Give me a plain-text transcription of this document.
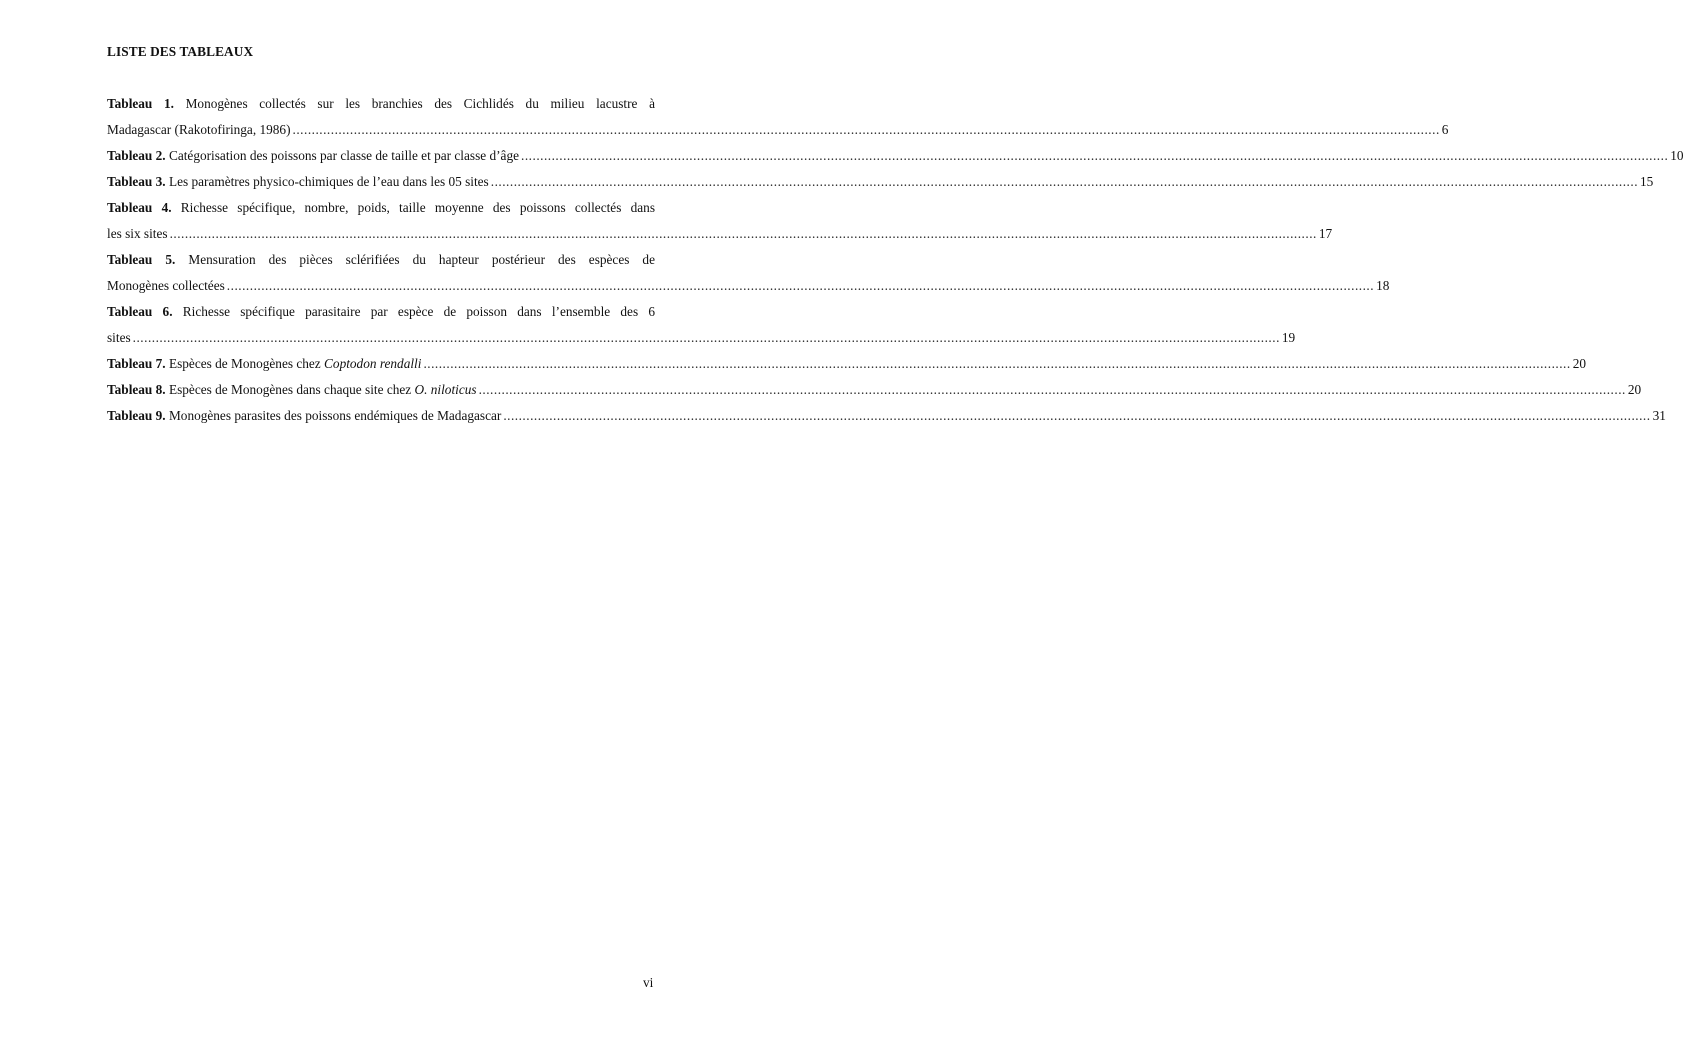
LISTE DES TABLEAUX
Tableau 1. Monogènes collectés sur les branchies des Cichlidés du milieu lacustre à
Madagascar (Rakotofiringa, 1986) ............................................................................................................................................................................................................................................................................................................ 6
Tableau 2.
Catégorisation des poissons par classe de taille et par classe d’âge ............................................................................................................................................................................................................................................................................................................ 10
Tableau 3.
Les paramètres physico-chimiques de l’eau dans les 05 sites ............................................................................................................................................................................................................................................................................................................ 15
Tableau 4. Richesse spécifique, nombre, poids, taille moyenne des poissons collectés dans
les six sites ............................................................................................................................................................................................................................................................................................................ 17
Tableau 5. Mensuration des pièces sclérifiées du hapteur postérieur des espèces de
Monogènes collectées ............................................................................................................................................................................................................................................................................................................ 18
Tableau 6. Richesse spécifique parasitaire par espèce de poisson dans l’ensemble des 6
sites ............................................................................................................................................................................................................................................................................................................ 19
Tableau 7.
Espèces de Monogènes chez
Coptodon rendalli ............................................................................................................................................................................................................................................................................................................ 20
Tableau 8.
Espèces de Monogènes dans chaque site chez
O. niloticus ............................................................................................................................................................................................................................................................................................................ 20
Tableau 9.
Monogènes parasites des poissons endémiques de Madagascar ............................................................................................................................................................................................................................................................................................................ 31
vi
